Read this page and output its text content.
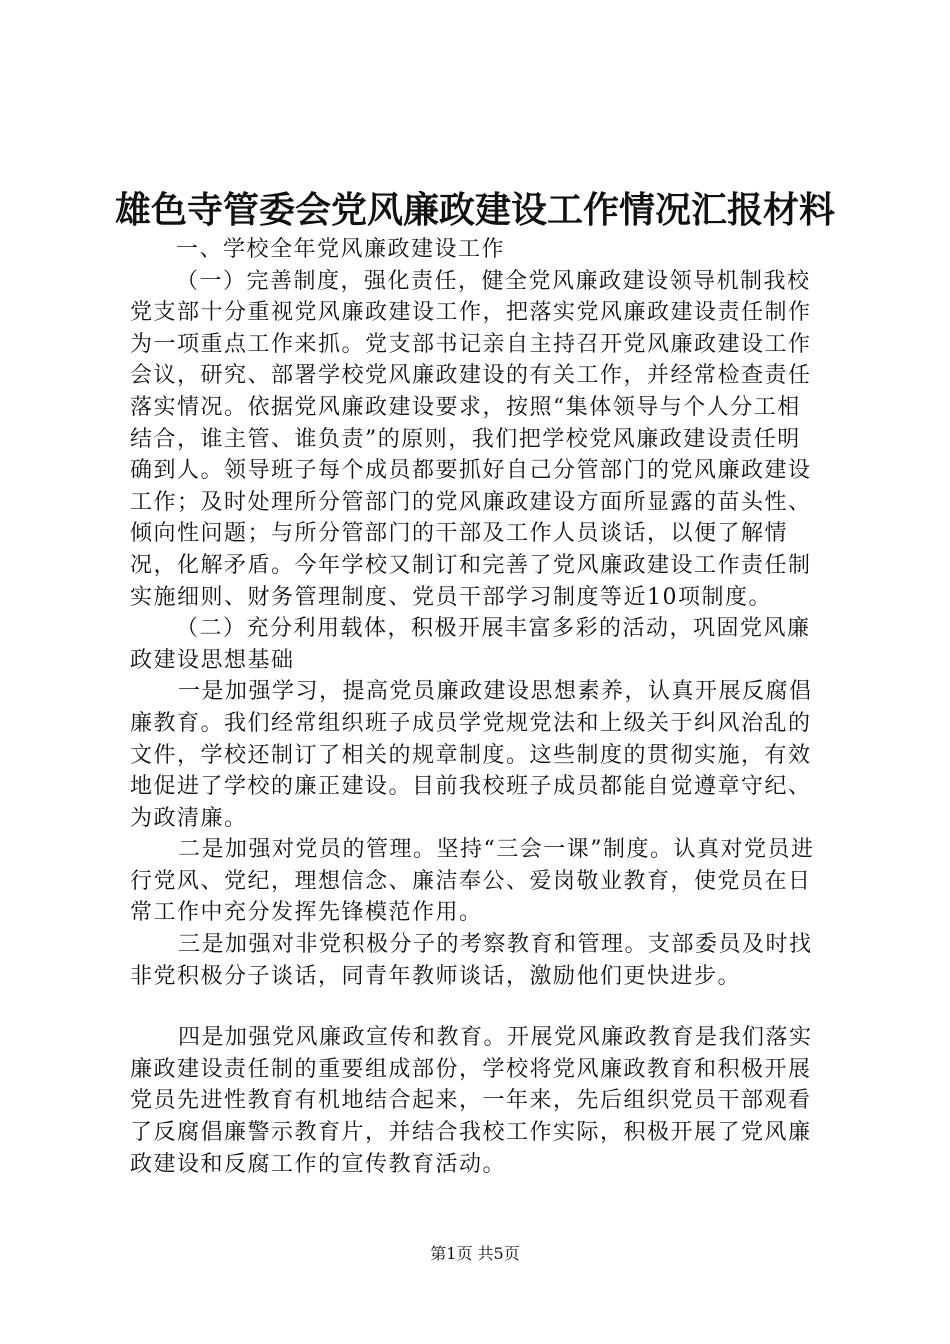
雄色寺管委会党风廉政建设工作情况汇报材料

一、学校全年党风廉政建设工作

（一）完善制度，强化责任，健全党风廉政建设领导机制我校党支部十分重视党风廉政建设工作，把落实党风廉政建设责任制作为一项重点工作来抓。党支部书记亲自主持召开党风廉政建设工作会议，研究、部署学校党风廉政建设的有关工作，并经常检查责任落实情况。依据党风廉政建设要求，按照“集体领导与个人分工相结合，谁主管、谁负责”的原则，我们把学校党风廉政建设责任明确到人。领导班子每个成员都要抓好自己分管部门的党风廉政建设工作；及时处理所分管部门的党风廉政建设方面所显露的苗头性、倾向性问题；与所分管部门的干部及工作人员谈话，以便了解情况，化解矛盾。今年学校又制订和完善了党风廉政建设工作责任制实施细则、财务管理制度、党员干部学习制度等近10项制度。

（二）充分利用载体，积极开展丰富多彩的活动，巩固党风廉政建设思想基础

一是加强学习，提高党员廉政建设思想素养，认真开展反腐倡廉教育。我们经常组织班子成员学党规党法和上级关于纠风治乱的文件，学校还制订了相关的规章制度。这些制度的贯彻实施，有效地促进了学校的廉正建设。目前我校班子成员都能自觉遵章守纪、为政清廉。

二是加强对党员的管理。坚持“三会一课”制度。认真对党员进行党风、党纪，理想信念、廉洁奉公、爱岗敬业教育，使党员在日常工作中充分发挥先锋模范作用。

三是加强对非党积极分子的考察教育和管理。支部委员及时找非党积极分子谈话，同青年教师谈话，激励他们更快进步。

四是加强党风廉政宣传和教育。开展党风廉政教育是我们落实廉政建设责任制的重要组成部份，学校将党风廉政教育和积极开展党员先进性教育有机地结合起来，一年来，先后组织党员干部观看了反腐倡廉警示教育片，并结合我校工作实际，积极开展了党风廉政建设和反腐工作的宣传教育活动。

第1页 共5页
